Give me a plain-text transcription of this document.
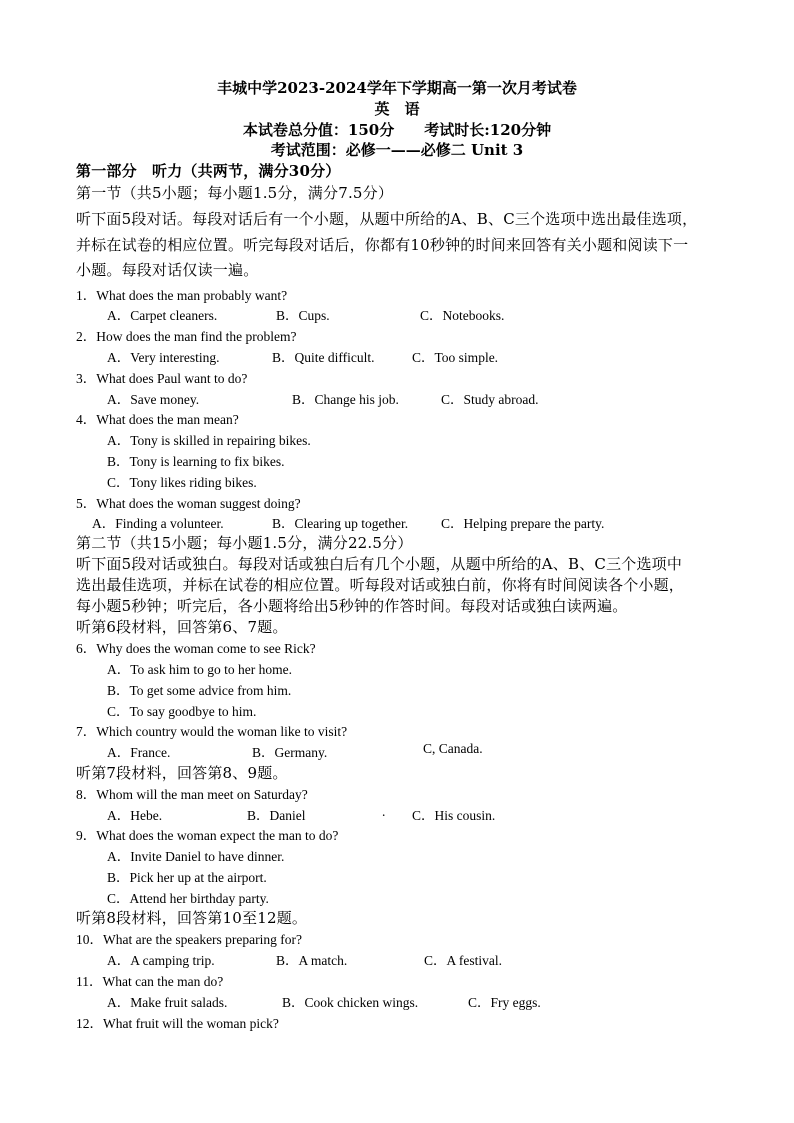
丰城中学2023-2024学年下学期高一第一次月考试卷
英　语
本试卷总分值：150分　　考试时长:120分钟
考试范围：必修一——必修二 Unit 3
第一部分　听力（共两节，满分30分）
第一节（共5小题；每小题1.5分，满分7.5分）
听下面5段对话。每段对话后有一个小题，从题中所给的A、B、C三个选项中选出最佳选项，
并标在试卷的相应位置。听完每段对话后，你都有10秒钟的时间来回答有关小题和阅读下一
小题。每段对话仅读一遍。
1．What does the man probably want?
A．Carpet cleaners.	B．Cups.	C．Notebooks.
2．How does the man find the problem?
A．Very interesting.	B．Quite difficult.	C．Too simple.
3．What does Paul want to do?
A．Save money.	B．Change his job.	C．Study abroad.
4．What does the man mean?
A．Tony is skilled in repairing bikes.
B．Tony is learning to fix bikes.
C．Tony likes riding bikes.
5．What does the woman suggest doing?
A．Finding a volunteer.	B．Clearing up together. C．Helping prepare the party.
第二节（共15小题；每小题1.5分，满分22.5分）
听下面5段对话或独白。每段对话或独白后有几个小题，从题中所给的A、B、C三个选项中
选出最佳选项，并标在试卷的相应位置。听每段对话或独白前，你将有时间阅读各个小题，
每小题5秒钟；听完后，各小题将给出5秒钟的作答时间。每段对话或独白读两遍。
听第6段材料，回答第6、7题。
6．Why does the woman come to see Rick?
A．To ask him to go to her home.
B．To get some advice from him.
C．To say goodbye to him.
7．Which country would the woman like to visit?
A．France.	B．Germany.	C, Canada.
听第7段材料，回答第8、9题。
8．Whom will the man meet on Saturday?
A．Hebe.	B．Daniel	. C．His cousin.
9．What does the woman expect the man to do?
A．Invite Daniel to have dinner.
B．Pick her up at the airport.
C．Attend her birthday party.
听第8段材料，回答第10至12题。
10．What are the speakers preparing for?
A．A camping trip.	B．A match.	C．A festival.
11．What can the man do?
A．Make fruit salads.	B．Cook chicken wings.	C．Fry eggs.
12．What fruit will the woman pick?
